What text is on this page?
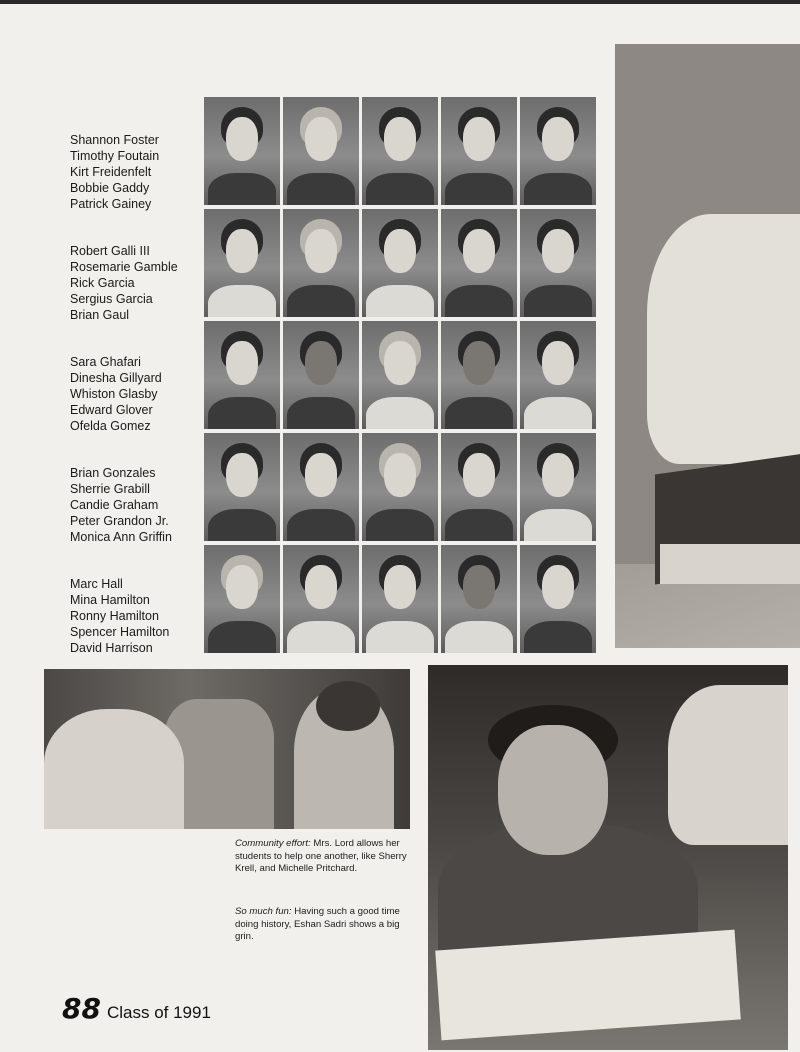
Shannon Foster
Timothy Foutain
Kirt Freidenfelt
Bobbie Gaddy
Patrick Gainey
Robert Galli III
Rosemarie Gamble
Rick Garcia
Sergius Garcia
Brian Gaul
Sara Ghafari
Dinesha Gillyard
Whiston Glasby
Edward Glover
Ofelda Gomez
Brian Gonzales
Sherrie Grabill
Candie Graham
Peter Grandon Jr.
Monica Ann Griffin
Marc Hall
Mina Hamilton
Ronny Hamilton
Spencer Hamilton
David Harrison
Community effort: Mrs. Lord allows her students to help one another, like Sherry Krell, and Michelle Pritchard.
So much fun: Having such a good time doing history, Eshan Sadri shows a big grin.
88 Class of 1991
